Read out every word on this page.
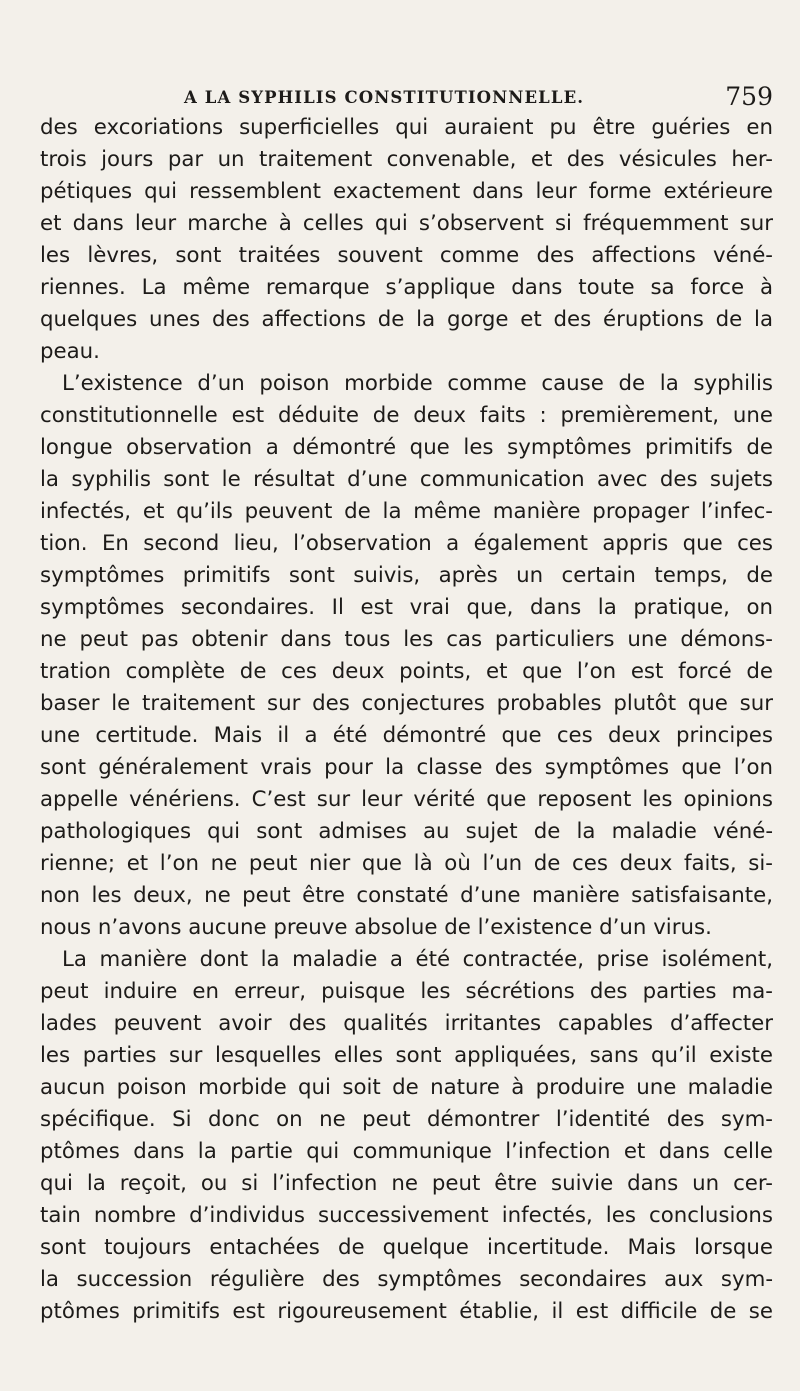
A LA SYPHILIS CONSTITUTIONNELLE.	759
des excoriations superficielles qui auraient pu être guéries en
trois jours par un traitement convenable, et des vésicules her-
pétiques qui ressemblent exactement dans leur forme extérieure
et dans leur marche à celles qui s’observent si fréquemment sur
les lèvres, sont traitées souvent comme des affections véné-
riennes. La même remarque s’applique dans toute sa force à
quelques unes des affections de la gorge et des éruptions de la
peau.
L’existence d’un poison morbide comme cause de la syphilis
constitutionnelle est déduite de deux faits : premièrement, une
longue observation a démontré que les symptômes primitifs de
la syphilis sont le résultat d’une communication avec des sujets
infectés, et qu’ils peuvent de la même manière propager l’infec-
tion. En second lieu, l’observation a également appris que ces
symptômes primitifs sont suivis, après un certain temps, de
symptômes secondaires. Il est vrai que, dans la pratique, on
ne peut pas obtenir dans tous les cas particuliers une démons-
tration complète de ces deux points, et que l’on est forcé de
baser le traitement sur des conjectures probables plutôt que sur
une certitude. Mais il a été démontré que ces deux principes
sont généralement vrais pour la classe des symptômes que l’on
appelle vénériens. C’est sur leur vérité que reposent les opinions
pathologiques qui sont admises au sujet de la maladie véné-
rienne; et l’on ne peut nier que là où l’un de ces deux faits, si-
non les deux, ne peut être constaté d’une manière satisfaisante,
nous n’avons aucune preuve absolue de l’existence d’un virus.
La manière dont la maladie a été contractée, prise isolément,
peut induire en erreur, puisque les sécrétions des parties ma-
lades peuvent avoir des qualités irritantes capables d’affecter
les parties sur lesquelles elles sont appliquées, sans qu’il existe
aucun poison morbide qui soit de nature à produire une maladie
spécifique. Si donc on ne peut démontrer l’identité des sym-
ptômes dans la partie qui communique l’infection et dans celle
qui la reçoit, ou si l’infection ne peut être suivie dans un cer-
tain nombre d’individus successivement infectés, les conclusions
sont toujours entachées de quelque incertitude. Mais lorsque
la succession régulière des symptômes secondaires aux sym-
ptômes primitifs est rigoureusement établie, il est difficile de se
